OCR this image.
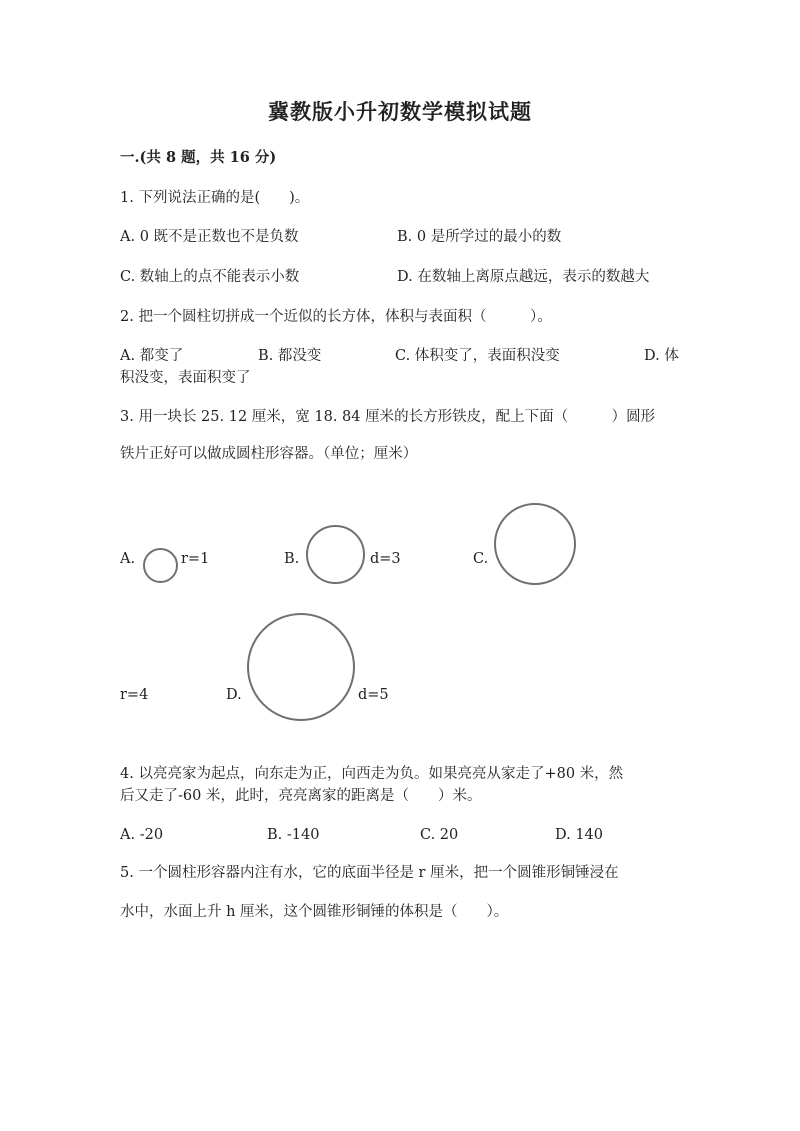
冀教版小升初数学模拟试题
一.(共 8 题，共 16 分)
1. 下列说法正确的是(　　)。
A. 0 既不是正数也不是负数	B. 0 是所学过的最小的数
C. 数轴上的点不能表示小数	D. 在数轴上离原点越远，表示的数越大
2. 把一个圆柱切拼成一个近似的长方体，体积与表面积（　　　）。
A. 都变了	B. 都没变	C. 体积变了，表面积没变	D. 体
积没变，表面积变了
3. 用一块长 25. 12 厘米，宽 18. 84 厘米的长方形铁皮，配上下面（　　　）圆形
铁片正好可以做成圆柱形容器。（单位；厘米）
A.	r=1	B.	d=3	C.
r=4	D.	d=5
4. 以亮亮家为起点，向东走为正，向西走为负。如果亮亮从家走了+80 米，然
后又走了-60 米，此时，亮亮离家的距离是（　　）米。
A. -20	B. -140	C. 20	D. 140
5. 一个圆柱形容器内注有水，它的底面半径是 r 厘米，把一个圆锥形铜锤浸在
水中，水面上升 h 厘米，这个圆锥形铜锤的体积是（　　）。
